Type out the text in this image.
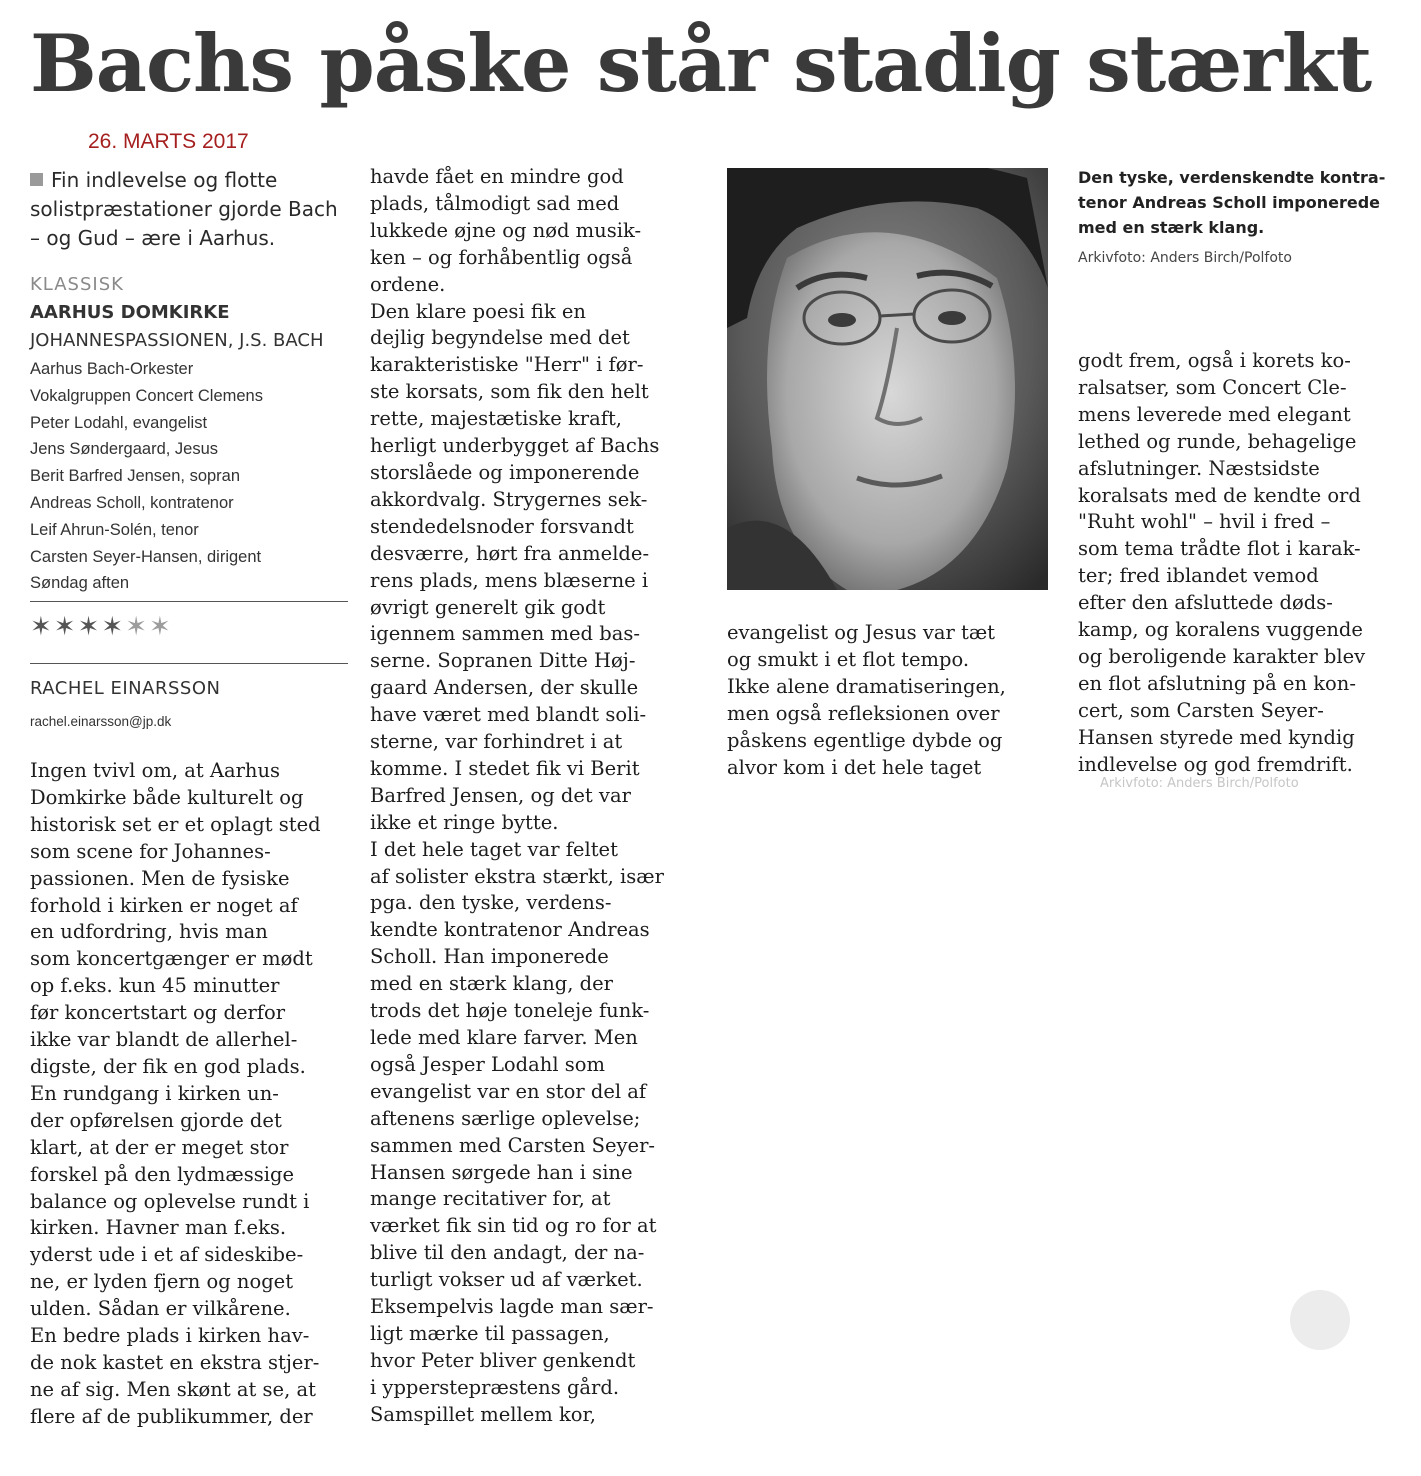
Bachs påske står stadig stærkt
26. MARTS 2017
Fin indlevelse og flotte
solistpræstationer gjorde Bach
– og Gud – ære i Aarhus.
KLASSISK
AARHUS DOMKIRKE
JOHANNESPASSIONEN, J.S. BACH
Aarhus Bach-Orkester
Vokalgruppen Concert Clemens
Peter Lodahl, evangelist
Jens Søndergaard, Jesus
Berit Barfred Jensen, sopran
Andreas Scholl, kontratenor
Leif Ahrun-Solén, tenor
Carsten Seyer-Hansen, dirigent
Søndag aften
✶✶✶✶✶✶
RACHEL EINARSSON
rachel.einarsson@jp.dk
Ingen tvivl om, at Aarhus
Domkirke både kulturelt og
historisk set er et oplagt sted
som scene for Johannes-
passionen. Men de fysiske
forhold i kirken er noget af
en udfordring, hvis man
som koncertgænger er mødt
op f.eks. kun 45 minutter
før koncertstart og derfor
ikke var blandt de allerhel-
digste, der fik en god plads.
En rundgang i kirken un-
der opførelsen gjorde det
klart, at der er meget stor
forskel på den lydmæssige
balance og oplevelse rundt i
kirken. Havner man f.eks.
yderst ude i et af sideskibe-
ne, er lyden fjern og noget
ulden. Sådan er vilkårene.
En bedre plads i kirken hav-
de nok kastet en ekstra stjer-
ne af sig. Men skønt at se, at
flere af de publikummer, der
havde fået en mindre god
plads, tålmodigt sad med
lukkede øjne og nød musik-
ken – og forhåbentlig også
ordene.
Den klare poesi fik en
dejlig begyndelse med det
karakteristiske "Herr" i før-
ste korsats, som fik den helt
rette, majestætiske kraft,
herligt underbygget af Bachs
storslåede og imponerende
akkordvalg. Strygernes sek-
stendedelsnoder forsvandt
desværre, hørt fra anmelde-
rens plads, mens blæserne i
øvrigt generelt gik godt
igennem sammen med bas-
serne. Sopranen Ditte Høj-
gaard Andersen, der skulle
have været med blandt soli-
sterne, var forhindret i at
komme. I stedet fik vi Berit
Barfred Jensen, og det var
ikke et ringe bytte.
I det hele taget var feltet
af solister ekstra stærkt, især
pga. den tyske, verdens-
kendte kontratenor Andreas
Scholl. Han imponerede
med en stærk klang, der
trods det høje toneleje funk-
lede med klare farver. Men
også Jesper Lodahl som
evangelist var en stor del af
aftenens særlige oplevelse;
sammen med Carsten Seyer-
Hansen sørgede han i sine
mange recitativer for, at
værket fik sin tid og ro for at
blive til den andagt, der na-
turligt vokser ud af værket.
Eksempelvis lagde man sær-
ligt mærke til passagen,
hvor Peter bliver genkendt
i ypperstepræstens gård.
Samspillet mellem kor,
Den tyske, verdenskendte kontra-
tenor Andreas Scholl imponerede
med en stærk klang.
Arkivfoto: Anders Birch/Polfoto
evangelist og Jesus var tæt
og smukt i et flot tempo.
Ikke alene dramatiseringen,
men også refleksionen over
påskens egentlige dybde og
alvor kom i det hele taget
godt frem, også i korets ko-
ralsatser, som Concert Cle-
mens leverede med elegant
lethed og runde, behagelige
afslutninger. Næstsidste
koralsats med de kendte ord
"Ruht wohl" – hvil i fred –
som tema trådte flot i karak-
ter; fred iblandet vemod
efter den afsluttede døds-
kamp, og koralens vuggende
og beroligende karakter blev
en flot afslutning på en kon-
cert, som Carsten Seyer-
Hansen styrede med kyndig
indlevelse og god fremdrift.
Arkivfoto: Anders Birch/Polfoto
